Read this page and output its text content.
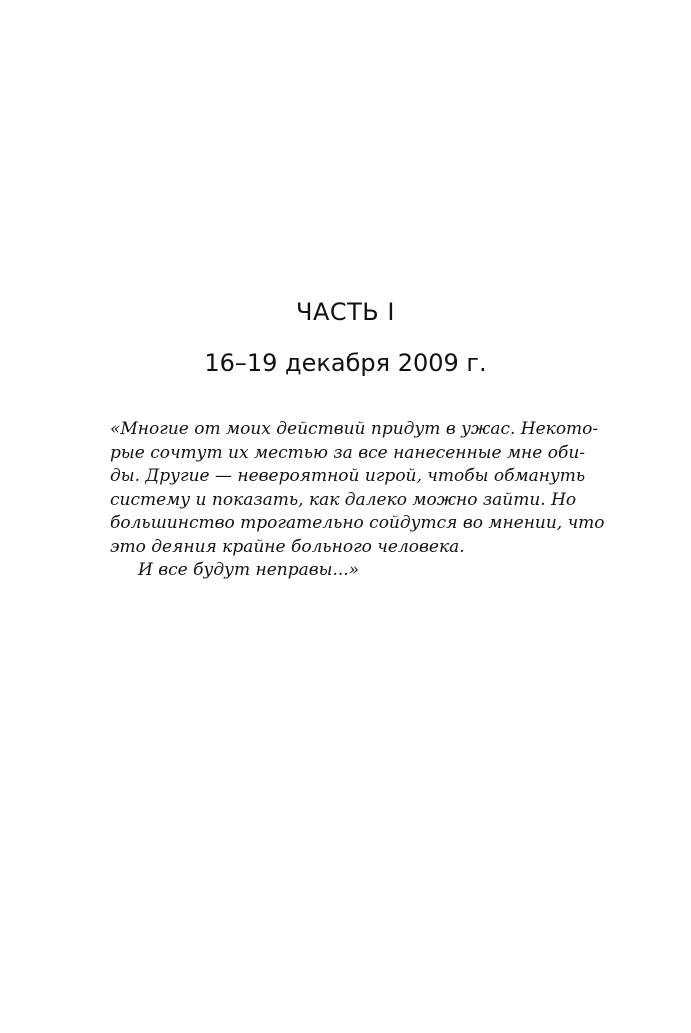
ЧАСТЬ I
16–19 декабря 2009 г.
«Многие от моих действий придут в ужас. Некото-
рые сочтут их местью за все нанесенные мне оби-
ды. Другие — невероятной игрой, чтобы обмануть
систему и показать, как далеко можно зайти. Но
большинство трогательно сойдутся во мнении, что
это деяния крайне больного человека.
И все будут неправы...»
